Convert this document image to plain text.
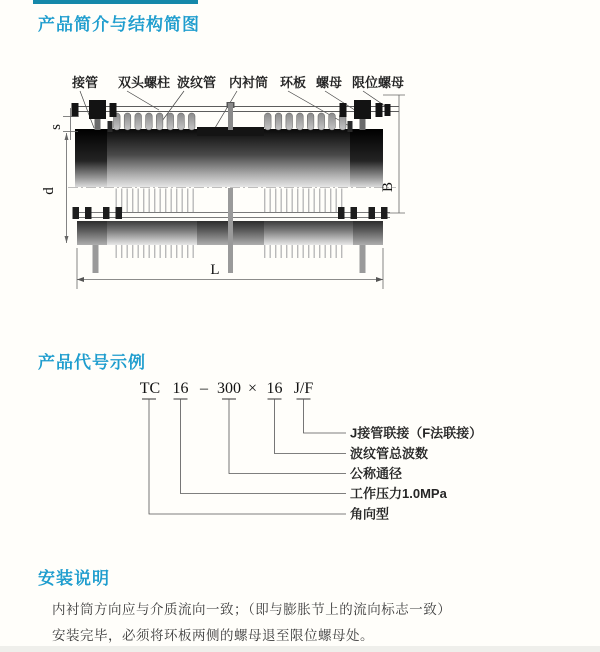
产品简介与结构简图
接管 双头螺柱 波纹管 内衬筒 环板 螺母 限位螺母
s
d	B
L
产品代号示例
TC 16 – 300 × 16 J/F
J接管联接（F法联接）
波纹管总波数
公称通径
工作压力1.0MPa
角向型
安装说明

内衬筒方向应与介质流向一致；（即与膨胀节上的流向标志一致）

安装完毕，必须将环板两侧的螺母退至限位螺母处。
